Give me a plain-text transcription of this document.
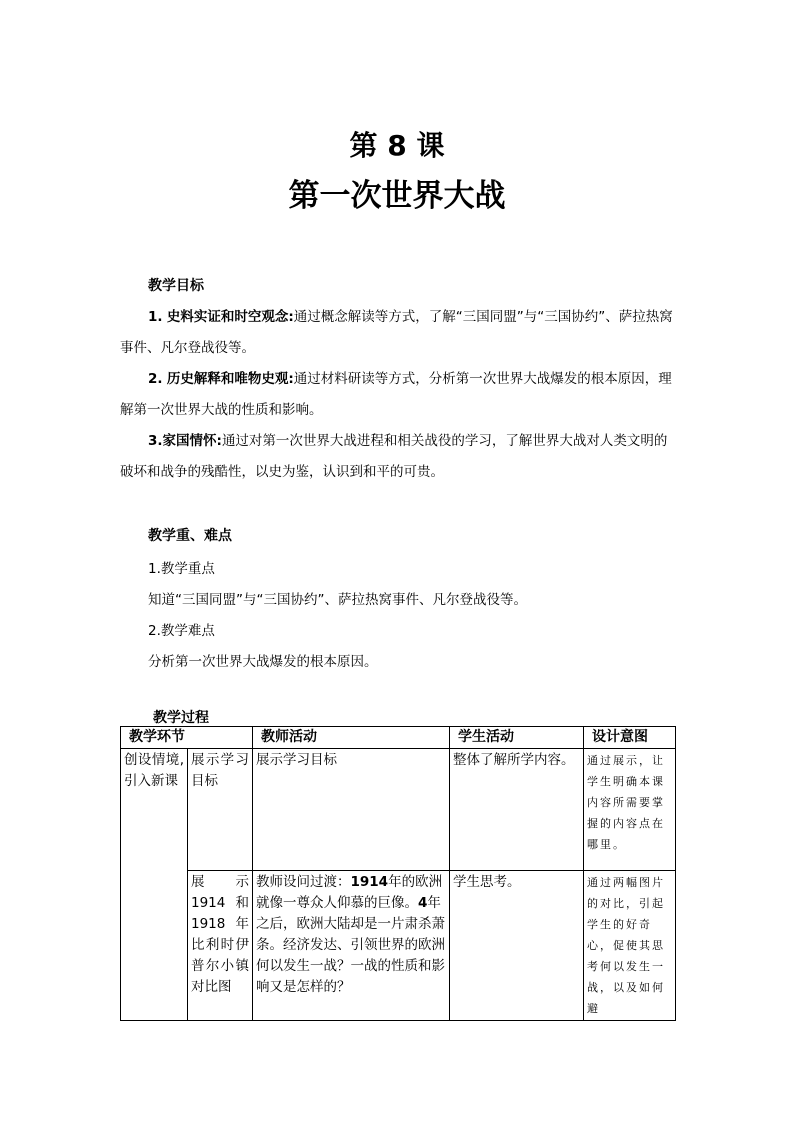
第 8 课
第一次世界大战
教学目标
1. 史料实证和时空观念:通过概念解读等方式，了解“三国同盟”与“三国协约”、萨拉热窝事件、凡尔登战役等。
2. 历史解释和唯物史观:通过材料研读等方式，分析第一次世界大战爆发的根本原因，理解第一次世界大战的性质和影响。
3.家国情怀:通过对第一次世界大战进程和相关战役的学习，了解世界大战对人类文明的破坏和战争的残酷性，以史为鉴，认识到和平的可贵。
教学重、难点
1.教学重点
知道“三国同盟”与“三国协约”、萨拉热窝事件、凡尔登战役等。
2.教学难点
分析第一次世界大战爆发的根本原因。
教学过程
教学环节		教师活动	学生活动	设计意图
创设情境,引入新课	展示学习目标	展示学习目标	整体了解所学内容。	通过展示，让学生明确本课内容所需要掌握的内容点在哪里。
	展示1914和1918年比利时伊普尔小镇对比图	教师设问过渡：1914年的欧洲就像一尊众人仰慕的巨像。4年之后，欧洲大陆却是一片肃杀萧条。经济发达、引领世界的欧洲何以发生一战？一战的性质和影响又是怎样的？	学生思考。	通过两幅图片的对比，引起学生的好奇心，促使其思考何以发生一战，以及如何避
